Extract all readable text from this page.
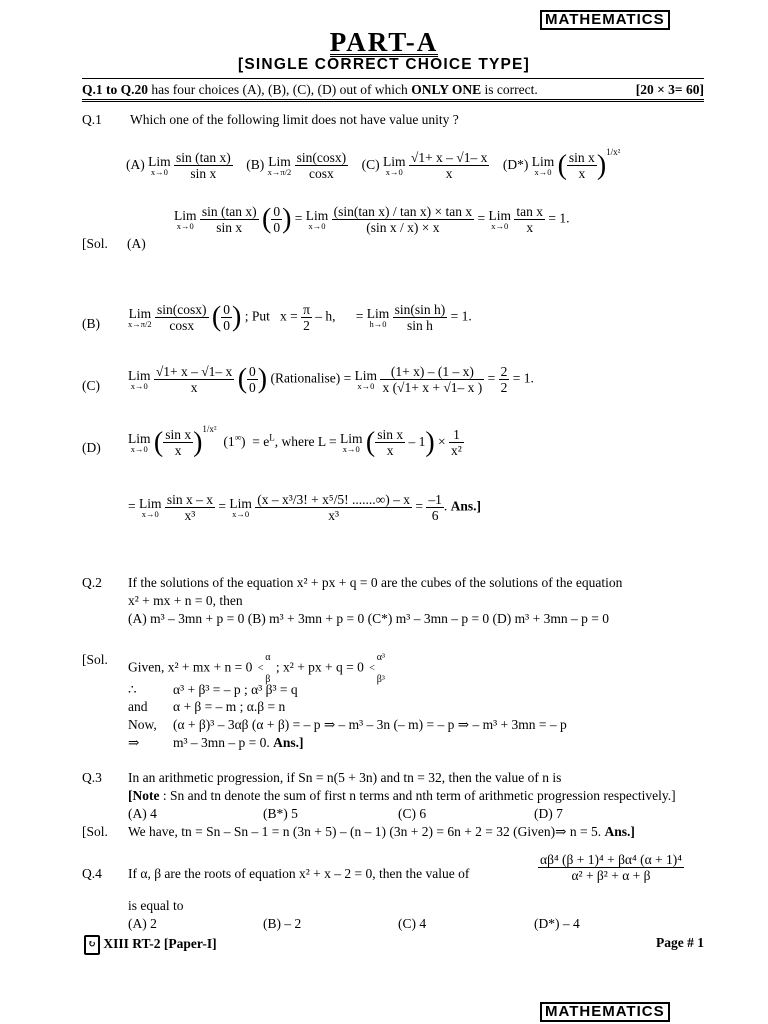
MATHEMATICS
PART-A
[SINGLE CORRECT CHOICE TYPE]
Q.1 to Q.20 has four choices (A), (B), (C), (D) out of which ONLY ONE is correct.	[20 × 3= 60]
Q.1 Which one of the following limit does not have value unity ?
(A) Lim
x→0
$\frac{\text{sin (tan x)}}{\text{sin x}} (B)$ Lim
x→π/2
$\frac{\sin(\cos x)}{\cos x} (C)$ Lim
x→0
$\frac{√1+ x - √1- x}{x} (D*)$ Lim
x→0 ( $\frac{\text{sin x}}{x} )^{1/x^2}$
[Sol. (A)
Lim
x→0
$\frac{\text{sin (tan x)}}{\text{sin x}}$ ( $\frac{0}{0}$ ) = Lim
x→0
$\frac{\text{(sin(tan x) / tan x) × tan x}}{\text{(sin x / x) × x}}$ = Lim
x→0
$\frac{\text{tan x}}{x} = 1$.
(B)
Lim
x→π/2
$\frac{\sin(\cos x)}{\cos x}$ ( $\frac{0}{0}$ ) ; Put   $x = \frac{\pi}{2} - h$,      = Lim
h→0
$\frac{\text{sin(sin h)}}{\text{sin h}} = 1$.
(C)
Lim
x→0
$\frac{√1+ x - √1- x}{x}$ ( $\frac{0}{0}$ ) (Rationalise) = Lim
x→0
$\frac{(1+ x) - (1 - x)}{x (√1+ x + √1- x )} = \frac{2}{2} = 1$.
(D)
Lim
x→0 ( $\frac{\text{sin x}}{x} )^{1/x^2}$  $(1^\infty) = e^L$, where L = Lim
x→0 ( $\frac{\text{sin x}}{x} - 1) \times \frac{1}{\text{x²}}$
= Lim
x→0
$\frac{\text{sin x – x}}{\text{x³}}$ = Lim
x→0
$\frac{\text{(x – x³/3! + x⁵/5! .......∞) – x}}{\text{x³}} = \frac{-1}{6}$ . Ans.]
Q.2 If the solutions of the equation x² + px + q = 0 are the cubes of the solutions of the equation
x² + mx + n = 0, then
(A) m³ – 3mn + p = 0 (B) m³ + 3mn + p = 0 (C*) m³ – 3mn – p = 0 (D) m³ + 3mn – p = 0
[Sol.
Given, x² + mx + n = 0    α
<
β ; x² + px + q = 0    α³
<
β³
∴	α³ + β³ = – p ; α³ β³ = q
and α + β = – m ; α.β = n
Now, (α + β)³ – 3αβ (α + β) = – p ⇒ – m³ – 3n (– m) = – p ⇒ – m³ + 3mn = – p
⇒ m³ – 3mn – p = 0. Ans.]
Q.3 In an arithmetic progression, if Sn = n(5 + 3n) and tn = 32, then the value of n is
[Note : Sn and tn denote the sum of first n terms and nth term of arithmetic progression respectively.]
(A) 4	(B*) 5	(C) 6	(D) 7
[Sol. We have, tn = Sn – Sn – 1 = n (3n + 5) – (n – 1) (3n + 2) = 6n + 2 = 32 (Given)⇒ n = 5. Ans.]
Q.4 If α, β are the roots of equation x² + x – 2 = 0, then the value of	$\frac{\text{αβ⁴ (β + 1)⁴ + βα⁴ (α + 1)⁴}}{\text{α² + β² + α + β}}$
is equal to
(A) 2	(B) – 2	(C) 4	(D*) – 4
↻ XIII RT-2 [Paper-I]	Page # 1
MATHEMATICS
